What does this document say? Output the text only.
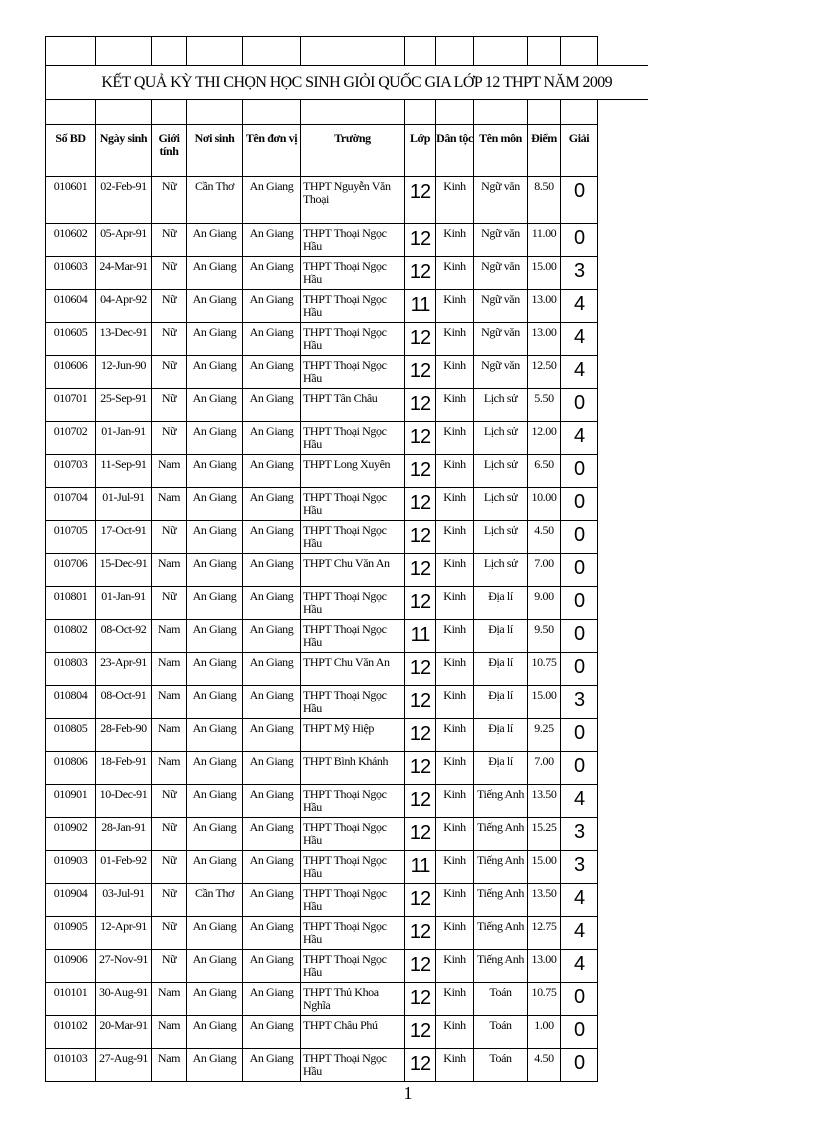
KẾT QUẢ KỲ THI CHỌN HỌC SINH GIỎI QUỐC GIA LỚP 12 THPT NĂM 2009											

Số BD	Ngày sinh	Giới tính	Nơi sinh	Tên đơn vị	Trường	Lớp	Dân tộc	Tên môn	Điểm	Giải	
010601	02-Feb-91	Nữ	Cần Thơ	An Giang	THPT Nguyễn Văn Thoại	12	Kinh	Ngữ văn	8.50	0	
010602	05-Apr-91	Nữ	An Giang	An Giang	THPT Thoại Ngọc Hầu	12	Kinh	Ngữ văn	11.00	0	
010603	24-Mar-91	Nữ	An Giang	An Giang	THPT Thoại Ngọc Hầu	12	Kinh	Ngữ văn	15.00	3	
010604	04-Apr-92	Nữ	An Giang	An Giang	THPT Thoại Ngọc Hầu	11	Kinh	Ngữ văn	13.00	4	
010605	13-Dec-91	Nữ	An Giang	An Giang	THPT Thoại Ngọc Hầu	12	Kinh	Ngữ văn	13.00	4	
010606	12-Jun-90	Nữ	An Giang	An Giang	THPT Thoại Ngọc Hầu	12	Kinh	Ngữ văn	12.50	4	
010701	25-Sep-91	Nữ	An Giang	An Giang	THPT Tân Châu	12	Kinh	Lịch sử	5.50	0	
010702	01-Jan-91	Nữ	An Giang	An Giang	THPT Thoại Ngọc Hầu	12	Kinh	Lịch sử	12.00	4	
010703	11-Sep-91	Nam	An Giang	An Giang	THPT Long Xuyên	12	Kinh	Lịch sử	6.50	0	
010704	01-Jul-91	Nam	An Giang	An Giang	THPT Thoại Ngọc Hầu	12	Kinh	Lịch sử	10.00	0	
010705	17-Oct-91	Nữ	An Giang	An Giang	THPT Thoại Ngọc Hầu	12	Kinh	Lịch sử	4.50	0	
010706	15-Dec-91	Nam	An Giang	An Giang	THPT Chu Văn An	12	Kinh	Lịch sử	7.00	0	
010801	01-Jan-91	Nữ	An Giang	An Giang	THPT Thoại Ngọc Hầu	12	Kinh	Địa lí	9.00	0	
010802	08-Oct-92	Nam	An Giang	An Giang	THPT Thoại Ngọc Hầu	11	Kinh	Địa lí	9.50	0	
010803	23-Apr-91	Nam	An Giang	An Giang	THPT Chu Văn An	12	Kinh	Địa lí	10.75	0	
010804	08-Oct-91	Nam	An Giang	An Giang	THPT Thoại Ngọc Hầu	12	Kinh	Địa lí	15.00	3	
010805	28-Feb-90	Nam	An Giang	An Giang	THPT Mỹ Hiệp	12	Kinh	Địa lí	9.25	0	
010806	18-Feb-91	Nam	An Giang	An Giang	THPT Bình Khánh	12	Kinh	Địa lí	7.00	0	
010901	10-Dec-91	Nữ	An Giang	An Giang	THPT Thoại Ngọc Hầu	12	Kinh	Tiếng Anh	13.50	4	
010902	28-Jan-91	Nữ	An Giang	An Giang	THPT Thoại Ngọc Hầu	12	Kinh	Tiếng Anh	15.25	3	
010903	01-Feb-92	Nữ	An Giang	An Giang	THPT Thoại Ngọc Hầu	11	Kinh	Tiếng Anh	15.00	3	
010904	03-Jul-91	Nữ	Cần Thơ	An Giang	THPT Thoại Ngọc Hầu	12	Kinh	Tiếng Anh	13.50	4	
010905	12-Apr-91	Nữ	An Giang	An Giang	THPT Thoại Ngọc Hầu	12	Kinh	Tiếng Anh	12.75	4	
010906	27-Nov-91	Nữ	An Giang	An Giang	THPT Thoại Ngọc Hầu	12	Kinh	Tiếng Anh	13.00	4	
010101	30-Aug-91	Nam	An Giang	An Giang	THPT Thủ Khoa Nghĩa	12	Kinh	Toán	10.75	0	
010102	20-Mar-91	Nam	An Giang	An Giang	THPT Châu Phú	12	Kinh	Toán	1.00	0	
010103	27-Aug-91	Nam	An Giang	An Giang	THPT Thoại Ngọc Hầu	12	Kinh	Toán	4.50	0	
1
